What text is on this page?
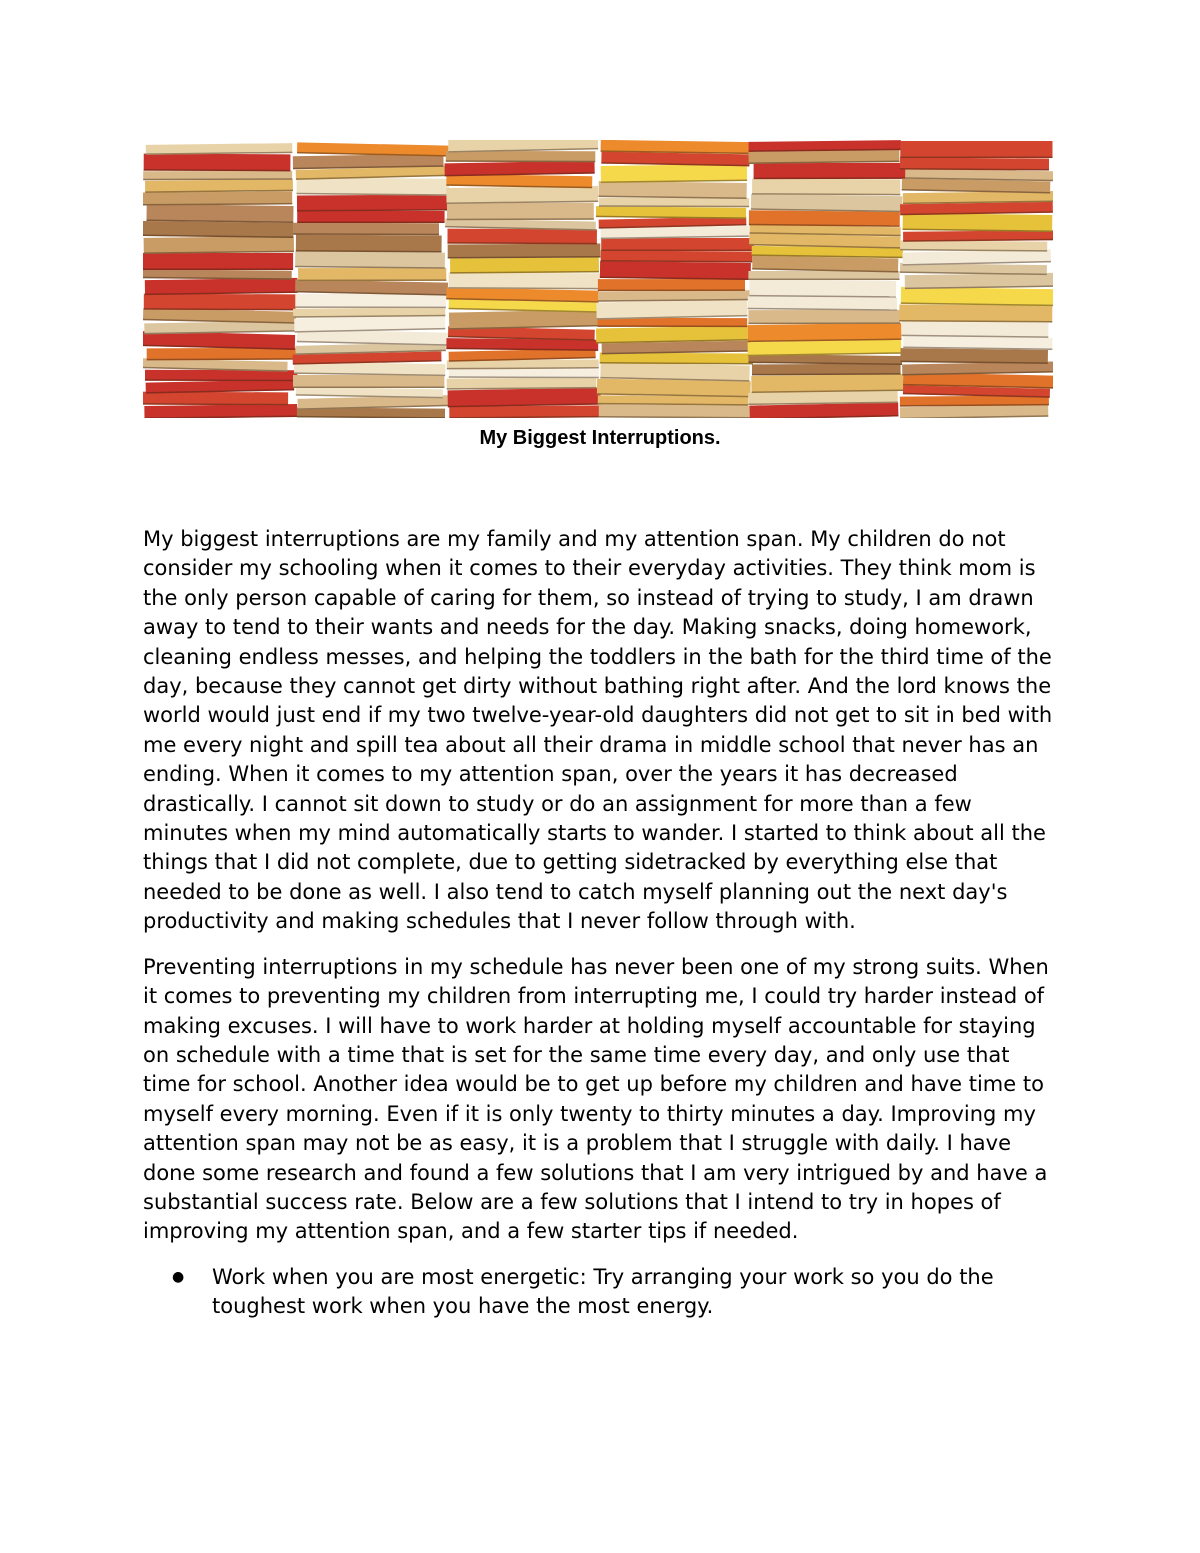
My Biggest Interruptions.

My biggest interruptions are my family and my attention span. My children do not consider my schooling when it comes to their everyday activities. They think mom is the only person capable of caring for them, so instead of trying to study, I am drawn away to tend to their wants and needs for the day. Making snacks, doing homework, cleaning endless messes, and helping the toddlers in the bath for the third time of the day, because they cannot get dirty without bathing right after. And the lord knows the world would just end if my two twelve-year-old daughters did not get to sit in bed with me every night and spill tea about all their drama in middle school that never has an ending. When it comes to my attention span, over the years it has decreased drastically. I cannot sit down to study or do an assignment for more than a few minutes when my mind automatically starts to wander. I started to think about all the things that I did not complete, due to getting sidetracked by everything else that needed to be done as well. I also tend to catch myself planning out the next day's productivity and making schedules that I never follow through with.

Preventing interruptions in my schedule has never been one of my strong suits. When it comes to preventing my children from interrupting me, I could try harder instead of making excuses. I will have to work harder at holding myself accountable for staying on schedule with a time that is set for the same time every day, and only use that time for school. Another idea would be to get up before my children and have time to myself every morning. Even if it is only twenty to thirty minutes a day. Improving my attention span may not be as easy, it is a problem that I struggle with daily. I have done some research and found a few solutions that I am very intrigued by and have a substantial success rate. Below are a few solutions that I intend to try in hopes of improving my attention span, and a few starter tips if needed.

● Work when you are most energetic: Try arranging your work so you do the toughest work when you have the most energy.
